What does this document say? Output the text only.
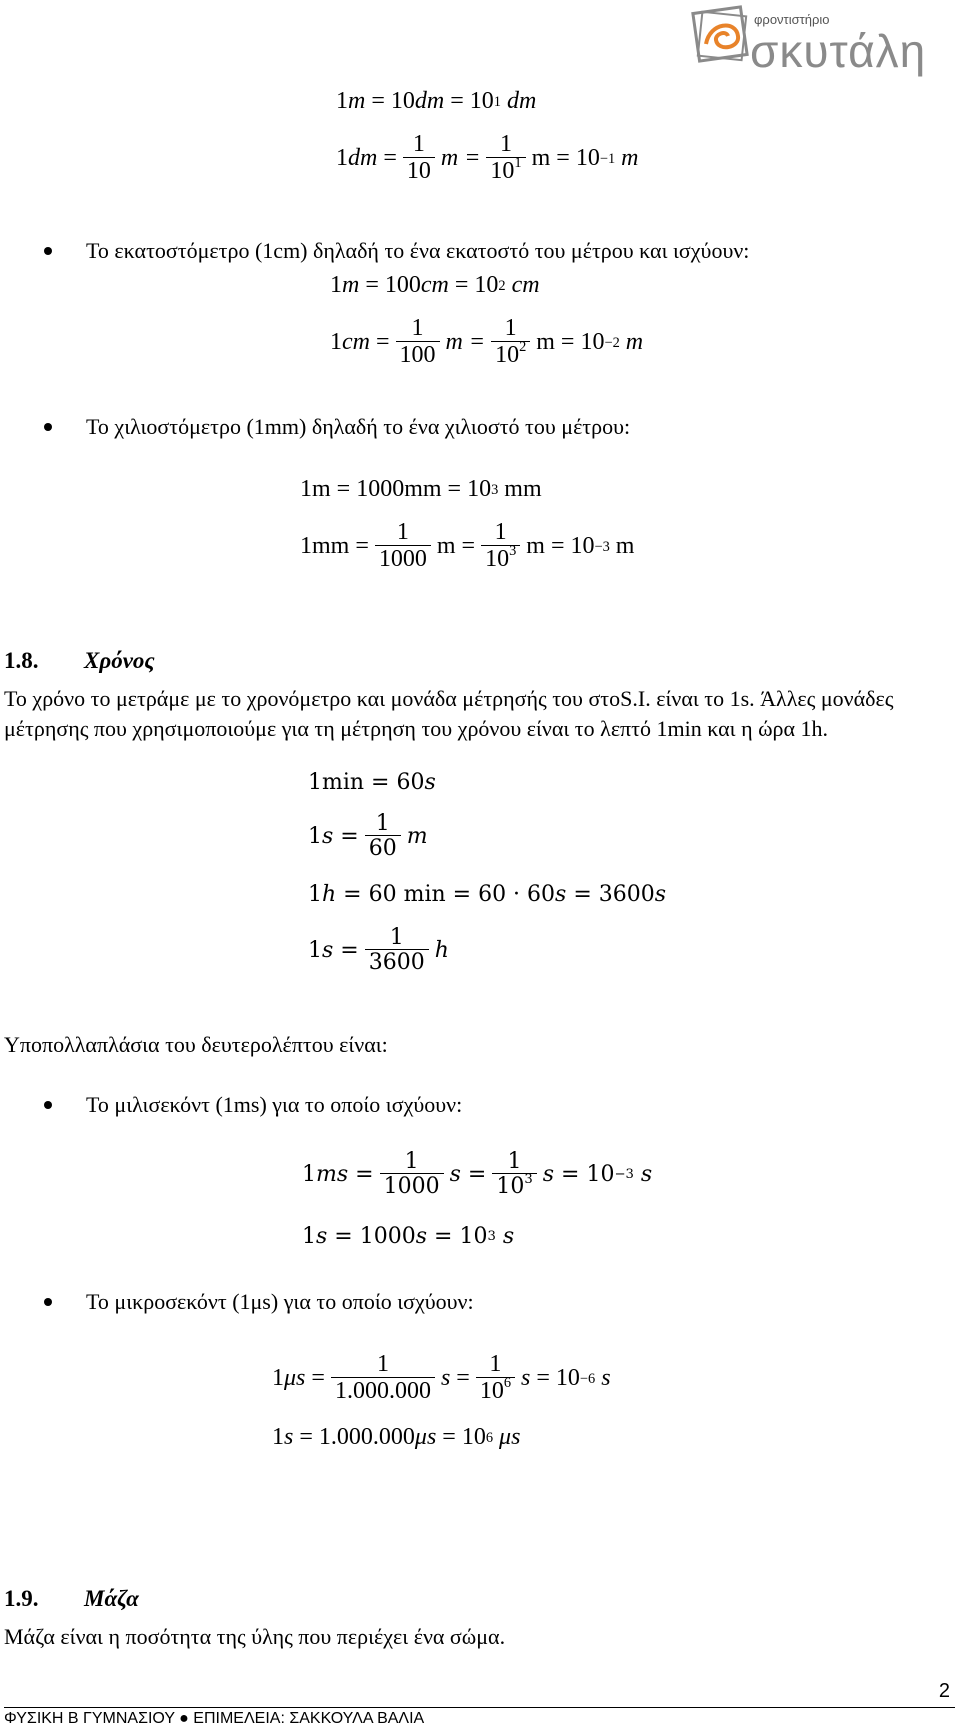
φροντιστήριο
σκυτάλη
1 m
= 10 dm
= 10 1
dm
1 dm
= $\frac{1}{10}$ $m = \frac{1}{10^1}$ m = 10 −1
m
Το εκατοστόμετρο (1cm) δηλαδή το ένα εκατοστό του μέτρου και ισχύουν:
1 m
= 100 cm
= 10 2
cm
1 cm
= $\frac{1}{100}$ $m = \frac{1}{10^2}$ m = 10 −2
m
Το χιλιοστόμετρο (1mm) δηλαδή το ένα χιλιοστό του μέτρου:
1m = 1000mm = 10 3
mm
$1mm = \frac{1}{1000}$ $m = \frac{1}{10^3}$ m = 10 −3
m
1.8. Χρόνος
Το χρόνο το μετράμε με το χρονόμετρο και μονάδα μέτρησής του στοS.I. είναι το 1s. Άλλες μονάδες μέτρησης που χρησιμοποιούμε για τη μέτρηση του χρόνου είναι το λεπτό 1min και η ώρα 1h.
1min = 60 s
1 s
= $\frac{1}{60}$ m
1 h
= 60 min = 60 · 60 s
= 3600 s
1 s
= $\frac{1}{3600}$ h
Υποπολλαπλάσια του δευτερολέπτου είναι:
Το μιλισεκόντ (1ms) για το οποίο ισχύουν:
1 ms
= $\frac{1}{1000}$ s
= $\frac{1}{10^3}$ s
= 10 −3
s
1 s
= 1000 s
= 10 3
s
Το μικροσεκόντ (1μs) για το οποίο ισχύουν:
1 μs
= $\frac{1}{1.000.000}$ s
= $\frac{1}{10^6}$ s
= 10 −6
s
1 s
= 1.000.000 μs
= 10 6
μs
1.9. Μάζα
Μάζα είναι η ποσότητα της ύλης που περιέχει ένα σώμα.
2
ΦΥΣΙΚΗ Β ΓΥΜΝΑΣΙΟΥ ● ΕΠΙΜΕΛΕΙΑ: ΣΑΚΚΟΥΛΑ ΒΑΛΙΑ
